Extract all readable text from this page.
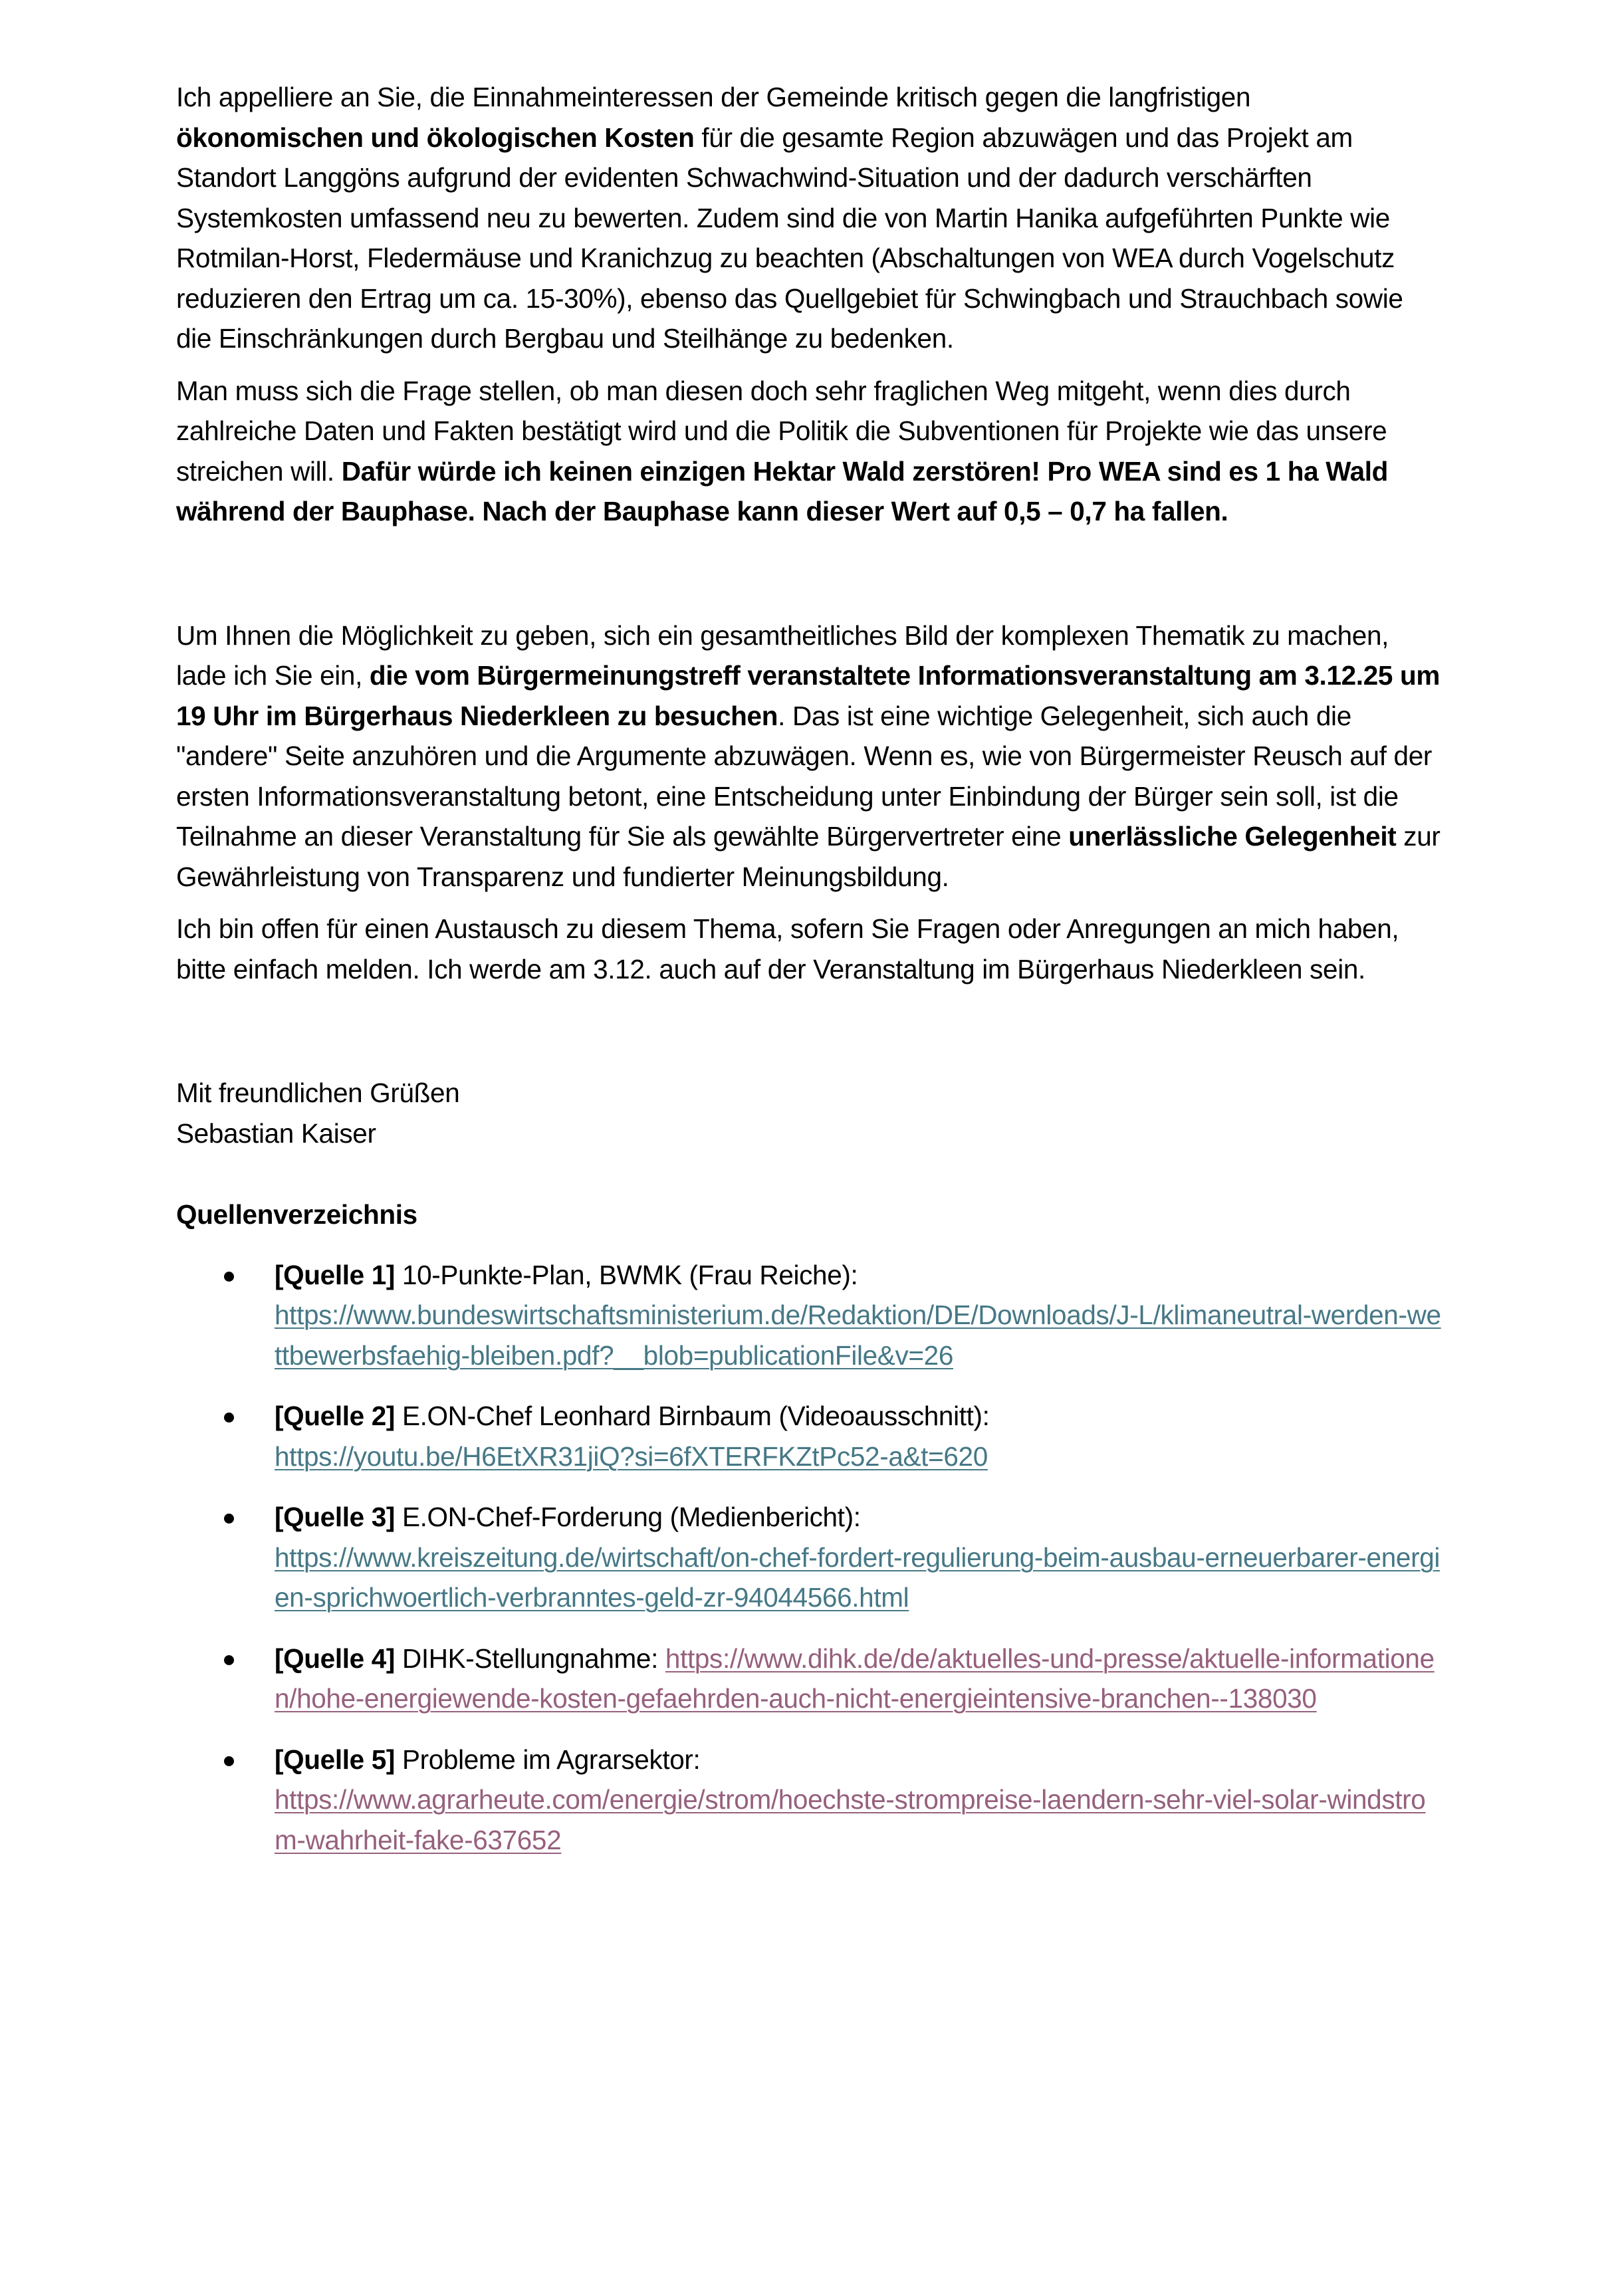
Ich appelliere an Sie, die Einnahmeinteressen der Gemeinde kritisch gegen die langfristigen ökonomischen und ökologischen Kosten für die gesamte Region abzuwägen und das Projekt am Standort Langgöns aufgrund der evidenten Schwachwind-Situation und der dadurch verschärften Systemkosten umfassend neu zu bewerten. Zudem sind die von Martin Hanika aufgeführten Punkte wie Rotmilan-Horst, Fledermäuse und Kranichzug zu beachten (Abschaltungen von WEA durch Vogelschutz reduzieren den Ertrag um ca. 15-30%), ebenso das Quellgebiet für Schwingbach und Strauchbach sowie die Einschränkungen durch Bergbau und Steilhänge zu bedenken.

Man muss sich die Frage stellen, ob man diesen doch sehr fraglichen Weg mitgeht, wenn dies durch zahlreiche Daten und Fakten bestätigt wird und die Politik die Subventionen für Projekte wie das unsere streichen will. Dafür würde ich keinen einzigen Hektar Wald zerstören! Pro WEA sind es 1 ha Wald während der Bauphase. Nach der Bauphase kann dieser Wert auf 0,5 – 0,7 ha fallen.

Um Ihnen die Möglichkeit zu geben, sich ein gesamtheitliches Bild der komplexen Thematik zu machen, lade ich Sie ein, die vom Bürgermeinungstreff veranstaltete Informationsveranstaltung am 3.12.25 um 19 Uhr im Bürgerhaus Niederkleen zu besuchen. Das ist eine wichtige Gelegenheit, sich auch die "andere" Seite anzuhören und die Argumente abzuwägen. Wenn es, wie von Bürgermeister Reusch auf der ersten Informationsveranstaltung betont, eine Entscheidung unter Einbindung der Bürger sein soll, ist die Teilnahme an dieser Veranstaltung für Sie als gewählte Bürgervertreter eine unerlässliche Gelegenheit zur Gewährleistung von Transparenz und fundierter Meinungsbildung.

Ich bin offen für einen Austausch zu diesem Thema, sofern Sie Fragen oder Anregungen an mich haben, bitte einfach melden. Ich werde am 3.12. auch auf der Veranstaltung im Bürgerhaus Niederkleen sein.

Mit freundlichen Grüßen
Sebastian Kaiser
Quellenverzeichnis
[Quelle 1] 10-Punkte-Plan, BWMK (Frau Reiche):
https://www.bundeswirtschaftsministerium.de/Redaktion/DE/Downloads/J-L/klimaneutral-werden-wettbewerbsfaehig-bleiben.pdf?__blob=publicationFile&v=26
[Quelle 2] E.ON-Chef Leonhard Birnbaum (Videoausschnitt):
https://youtu.be/H6EtXR31jiQ?si=6fXTERFKZtPc52-a&t=620
[Quelle 3] E.ON-Chef-Forderung (Medienbericht):
https://www.kreiszeitung.de/wirtschaft/on-chef-fordert-regulierung-beim-ausbau-erneuerbarer-energien-sprichwoertlich-verbranntes-geld-zr-94044566.html
[Quelle 4] DIHK-Stellungnahme: https://www.dihk.de/de/aktuelles-und-presse/aktuelle-informationen/hohe-energiewende-kosten-gefaehrden-auch-nicht-energieintensive-branchen--138030
[Quelle 5] Probleme im Agrarsektor:
https://www.agrarheute.com/energie/strom/hoechste-strompreise-laendern-sehr-viel-solar-windstrom-wahrheit-fake-637652
